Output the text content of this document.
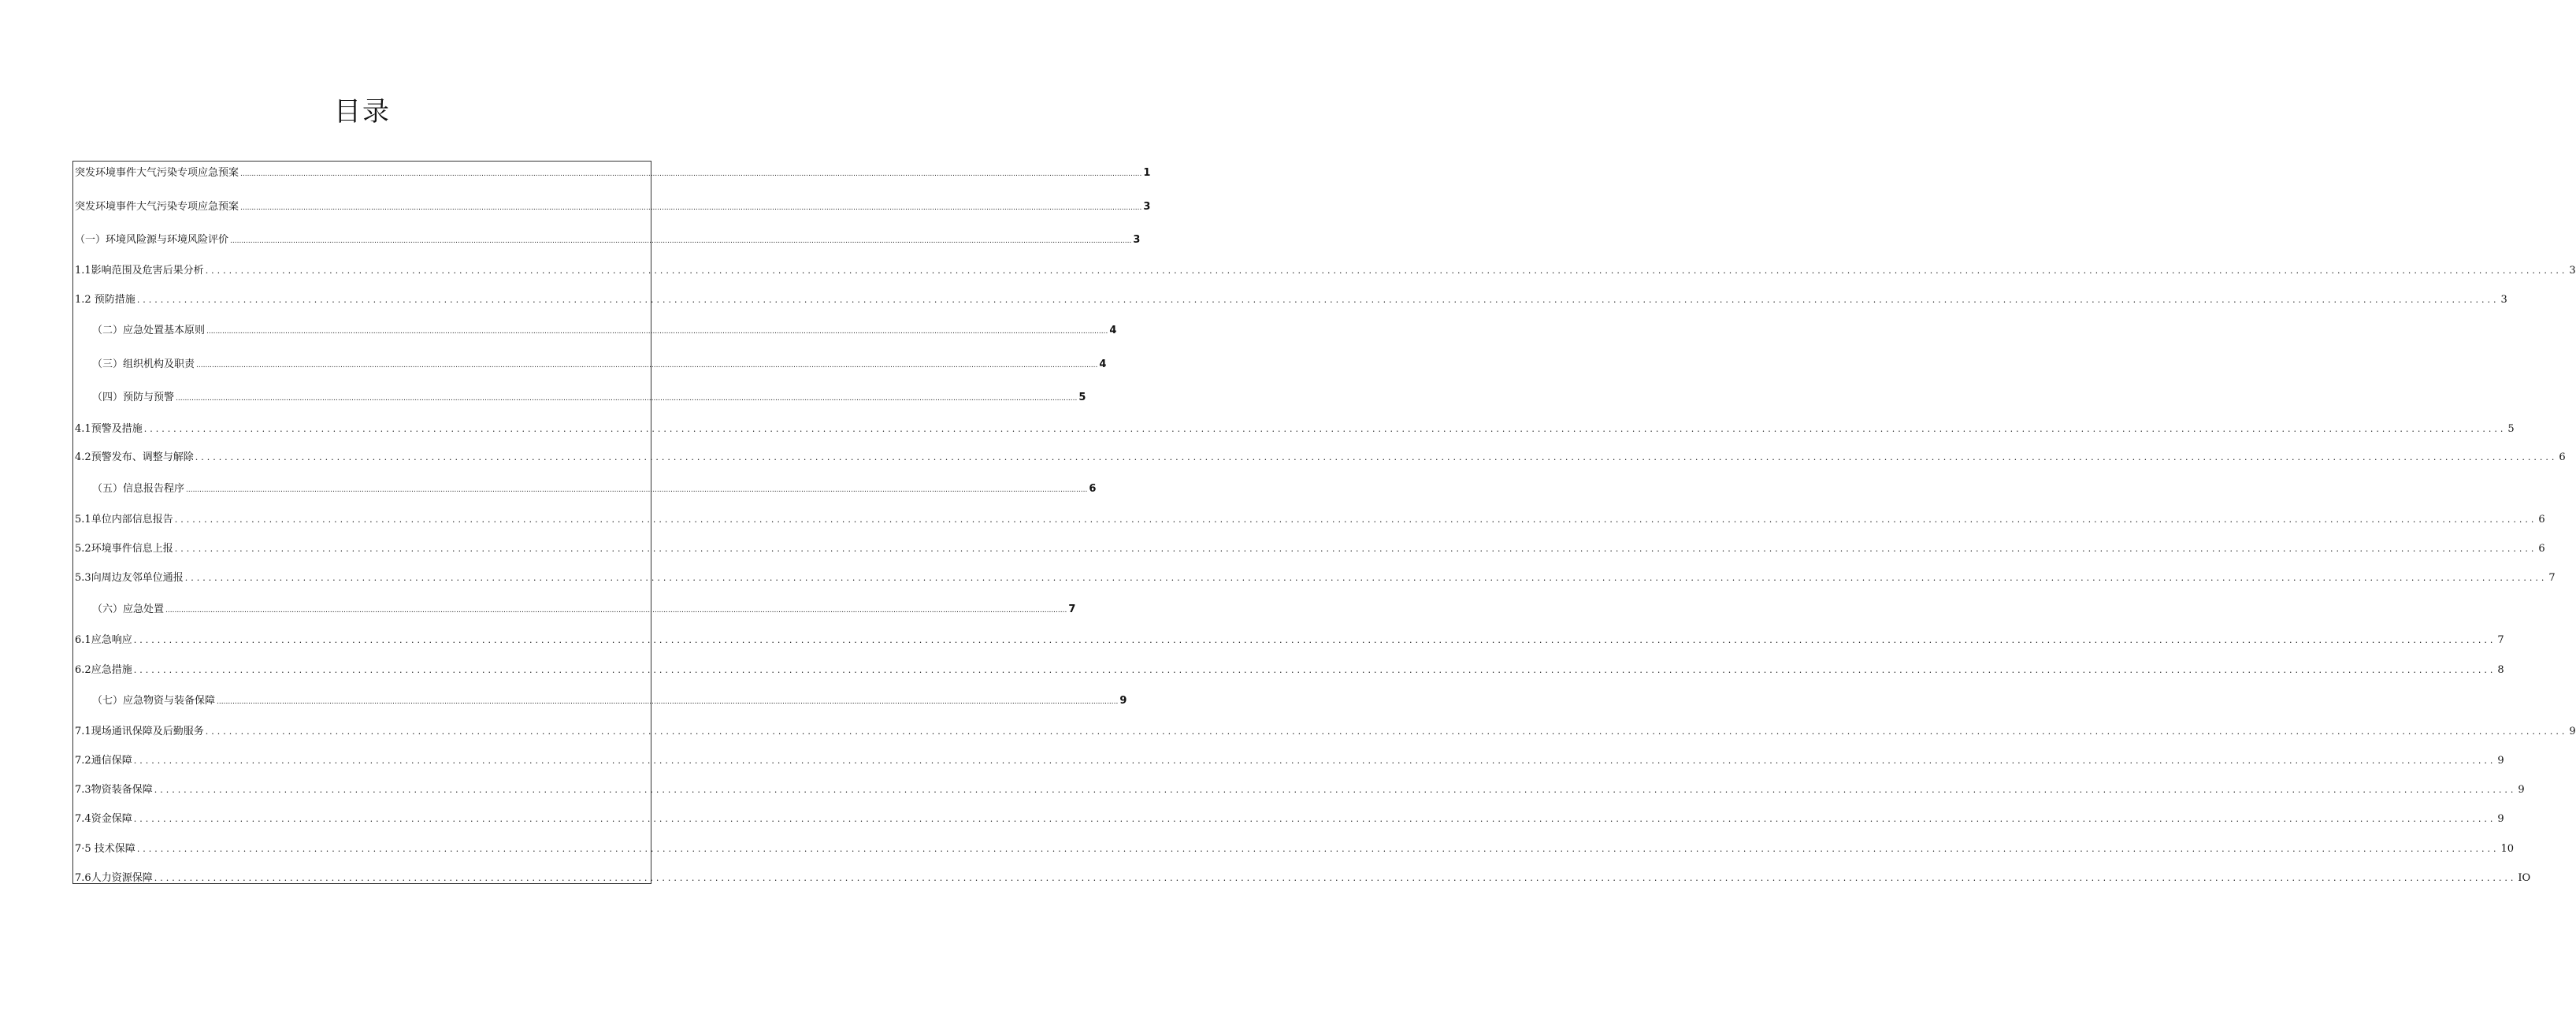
目录
突发环境事件大气污染专项应急预案 ................................................................................................................................................................................................................................................................................................................................................................................................................ 1
突发环境事件大气污染专项应急预案 ................................................................................................................................................................................................................................................................................................................................................................................................................ 3
（一）环境风险源与环境风险评价 ................................................................................................................................................................................................................................................................................................................................................................................................................ 3
1.1影响范围及危害后果分析 ................................................................................................................................................................................................................................................................................................................................................................................................................ 3
1.2 预防措施 ................................................................................................................................................................................................................................................................................................................................................................................................................ 3
（二）应急处置基本原则 ................................................................................................................................................................................................................................................................................................................................................................................................................ 4
（三）组织机构及职责 ................................................................................................................................................................................................................................................................................................................................................................................................................ 4
（四）预防与预警 ................................................................................................................................................................................................................................................................................................................................................................................................................ 5
4.1 预警及措施 ................................................................................................................................................................................................................................................................................................................................................................................................................ 5
4.2 预警发布、调整与解除 ................................................................................................................................................................................................................................................................................................................................................................................................................ 6
（五）信息报告程序 ................................................................................................................................................................................................................................................................................................................................................................................................................ 6
5.1 单位内部信息报告 ................................................................................................................................................................................................................................................................................................................................................................................................................ 6
5.2 环境事件信息上报 ................................................................................................................................................................................................................................................................................................................................................................................................................ 6
5.3 向周边友邻单位通报 ................................................................................................................................................................................................................................................................................................................................................................................................................ 7
（六）应急处置 ................................................................................................................................................................................................................................................................................................................................................................................................................ 7
6.1 应急响应 ................................................................................................................................................................................................................................................................................................................................................................................................................ 7
6.2 应急措施 ................................................................................................................................................................................................................................................................................................................................................................................................................ 8
（七）应急物资与装备保障 ................................................................................................................................................................................................................................................................................................................................................................................................................ 9
7.1 现场通讯保障及后勤服务 ................................................................................................................................................................................................................................................................................................................................................................................................................ 9
7.2 通信保障 ................................................................................................................................................................................................................................................................................................................................................................................................................ 9
7.3 物资装备保障 ................................................................................................................................................................................................................................................................................................................................................................................................................ 9
7.4 资金保障 ................................................................................................................................................................................................................................................................................................................................................................................................................ 9
7·5 技术保障 ................................................................................................................................................................................................................................................................................................................................................................................................................ 10
7.6 人力资源保障 ................................................................................................................................................................................................................................................................................................................................................................................................................ IO
